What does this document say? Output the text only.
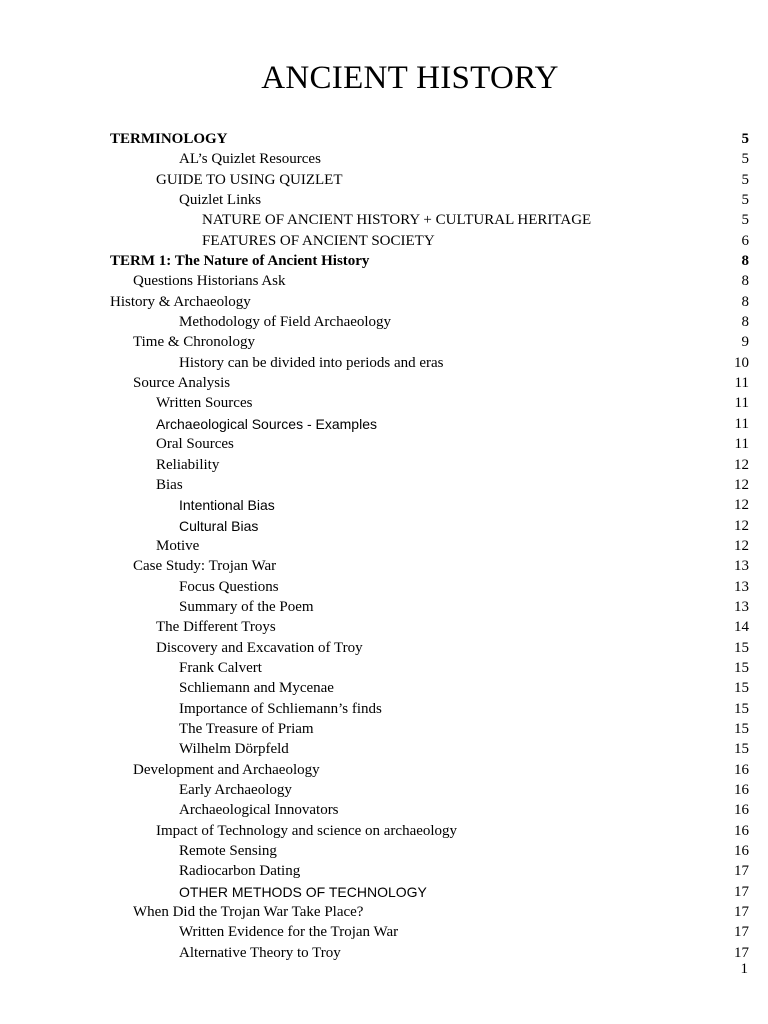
ANCIENT HISTORY
TERMINOLOGY	5
AL’s Quizlet Resources	5
GUIDE TO USING QUIZLET	5
Quizlet Links	5
NATURE OF ANCIENT HISTORY + CULTURAL HERITAGE	5
FEATURES OF ANCIENT SOCIETY	6
TERM 1: The Nature of Ancient History	8
Questions Historians Ask	8
History & Archaeology	8
Methodology of Field Archaeology	8
Time & Chronology	9
History can be divided into periods and eras	10
Source Analysis	11
Written Sources	11
Archaeological Sources - Examples	11
Oral Sources	11
Reliability	12
Bias	12
Intentional Bias	12
Cultural Bias	12
Motive	12
Case Study: Trojan War	13
Focus Questions	13
Summary of the Poem	13
The Different Troys	14
Discovery and Excavation of Troy	15
Frank Calvert	15
Schliemann and Mycenae	15
Importance of Schliemann’s finds	15
The Treasure of Priam	15
Wilhelm Dörpfeld	15
Development and Archaeology	16
Early Archaeology	16
Archaeological Innovators	16
Impact of Technology and science on archaeology	16
Remote Sensing	16
Radiocarbon Dating	17
OTHER METHODS OF TECHNOLOGY	17
When Did the Trojan War Take Place?	17
Written Evidence for the Trojan War	17
Alternative Theory to Troy	17
1
